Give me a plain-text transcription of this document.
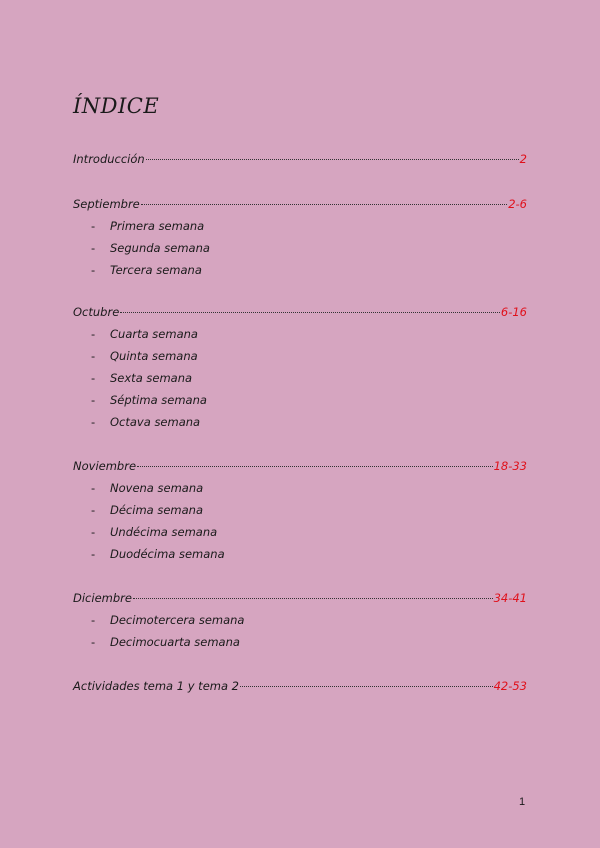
ÍNDICE
Introducción	2
Septiembre	2-6
- Primera semana
- Segunda semana
- Tercera semana
Octubre	6-16
- Cuarta semana
- Quinta semana
- Sexta semana
- Séptima semana
- Octava semana
Noviembre	18-33
- Novena semana
- Décima semana
- Undécima semana
- Duodécima semana
Diciembre	34-41
- Decimotercera semana
- Decimocuarta semana
Actividades tema 1 y tema 2	42-53
1
